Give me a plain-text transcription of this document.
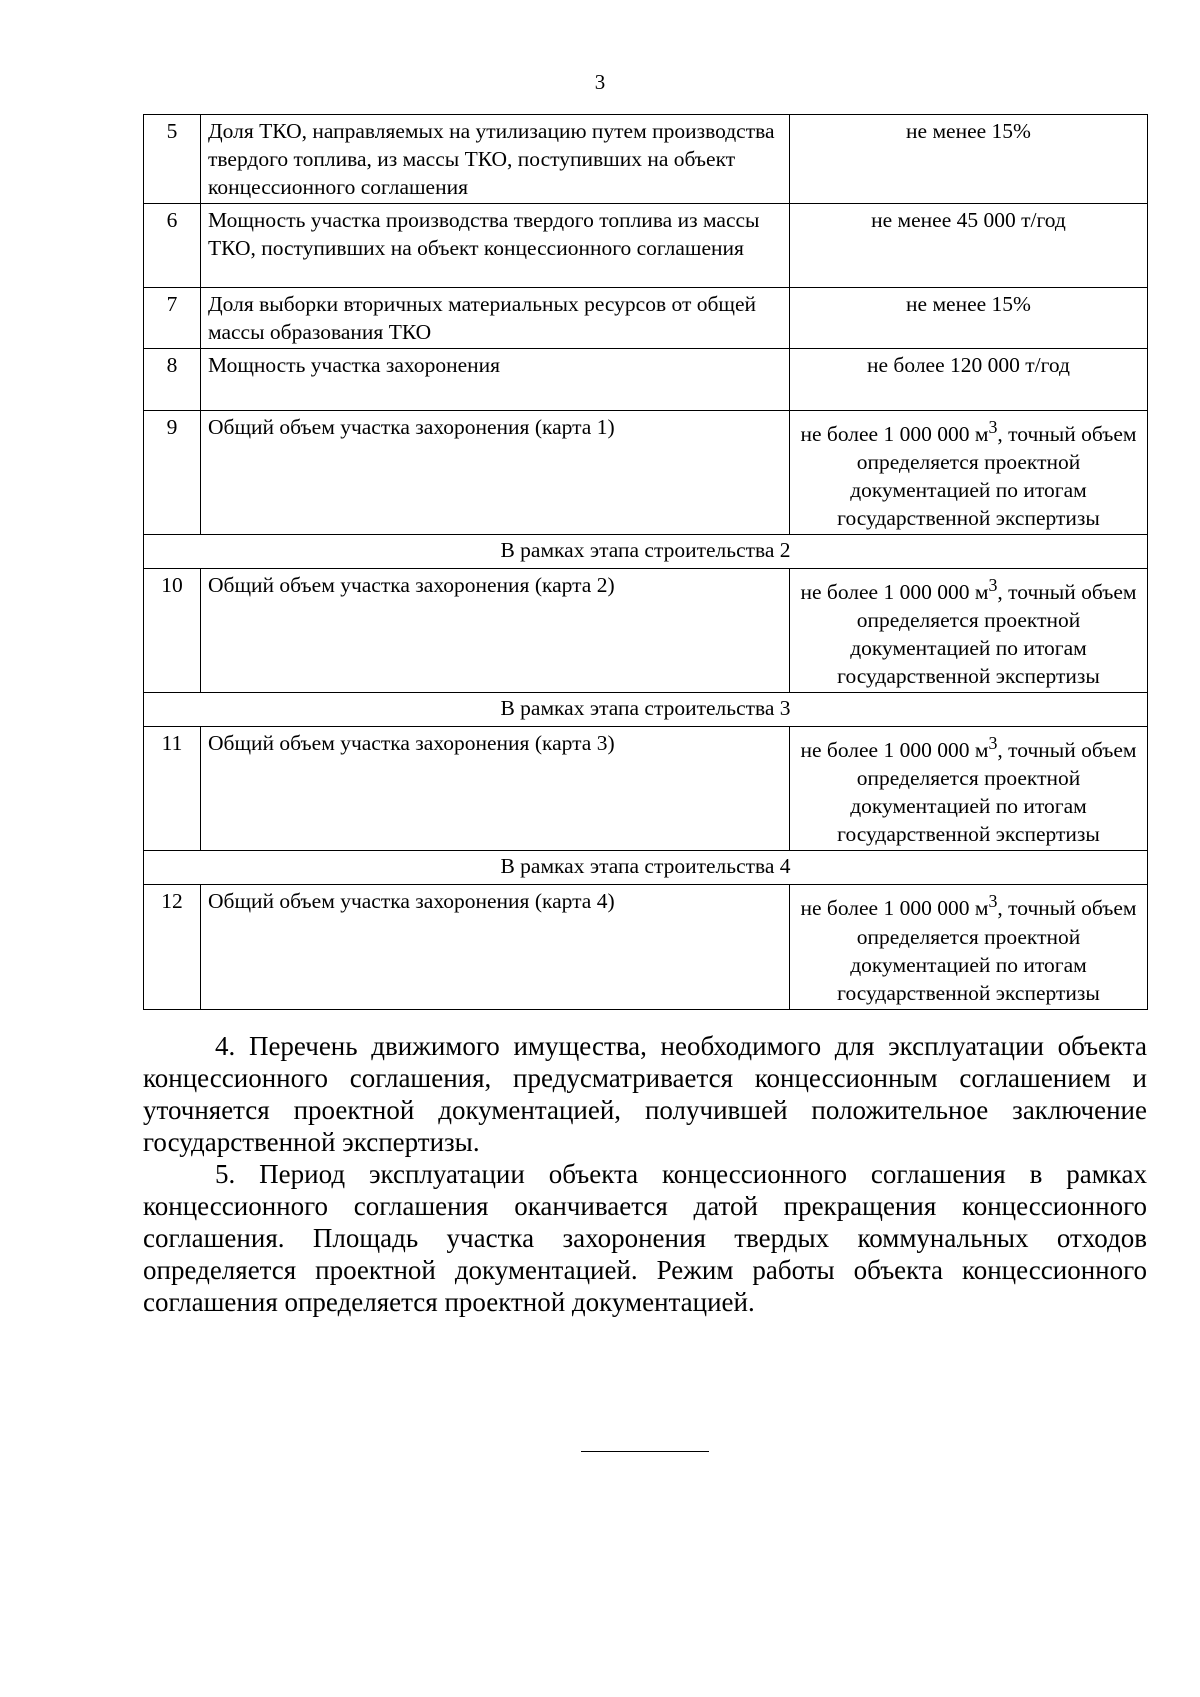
3
5	Доля ТКО, направляемых на утилизацию путем производства твердого топлива, из массы ТКО, поступивших на объект концессионного соглашения	не менее 15%
6	Мощность участка производства твердого топлива из массы ТКО, поступивших на объект концессионного соглашения	не менее 45 000 т/год
7	Доля выборки вторичных материальных ресурсов от общей массы образования ТКО	не менее 15%
8	Мощность участка захоронения	не более 120 000 т/год
9	Общий объем участка захоронения (карта 1)	не более 1 000 000 $м^3$, точный объем определяется проектной документацией по итогам государственной экспертизы
В рамках этапа строительства 2		
10	Общий объем участка захоронения (карта 2)	не более 1 000 000 $м^3$, точный объем определяется проектной документацией по итогам государственной экспертизы
В рамках этапа строительства 3		
11	Общий объем участка захоронения (карта 3)	не более 1 000 000 $м^3$, точный объем определяется проектной документацией по итогам государственной экспертизы
В рамках этапа строительства 4		
12	Общий объем участка захоронения (карта 4)	не более 1 000 000 $м^3$, точный объем определяется проектной документацией по итогам государственной экспертизы

4. Перечень движимого имущества, необходимого для эксплуатации объекта концессионного соглашения, предусматривается концессионным соглашением и уточняется проектной документацией, получившей положительное заключение государственной экспертизы.

5. Период эксплуатации объекта концессионного соглашения в рамках концессионного соглашения оканчивается датой прекращения концессионного соглашения. Площадь участка захоронения твердых коммунальных отходов определяется проектной документацией. Режим работы объекта концессионного соглашения определяется проектной документацией.
